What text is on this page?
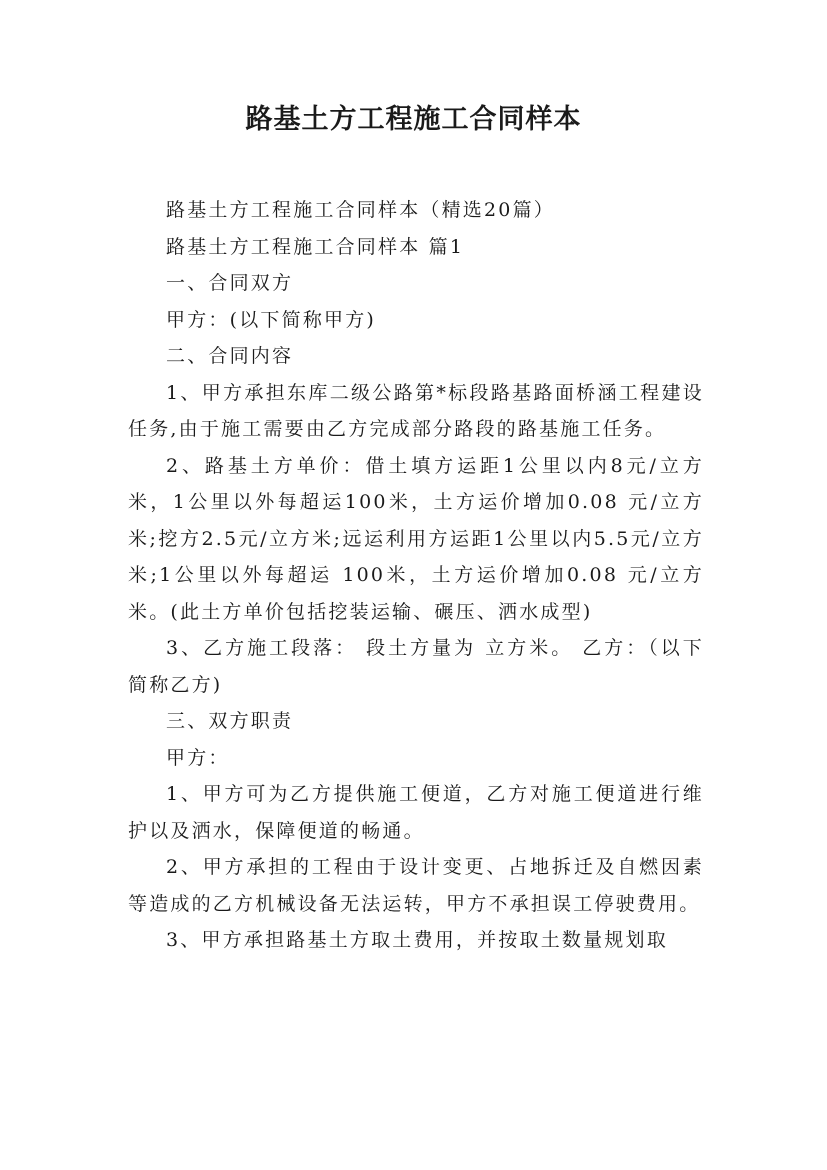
路基土方工程施工合同样本

路基土方工程施工合同样本（精选20篇）

路基土方工程施工合同样本 篇1

一、合同双方

甲方：(以下简称甲方)

二、合同内容

1、甲方承担东库二级公路第*标段路基路面桥涵工程建设任务,由于施工需要由乙方完成部分路段的路基施工任务。

2、路基土方单价：借土填方运距1公里以内8元/立方米，1公里以外每超运100米，土方运价增加0.08 元/立方米;挖方2.5元/立方米;远运利用方运距1公里以内5.5元/立方米;1公里以外每超运 100米，土方运价增加0.08 元/立方米。(此土方单价包括挖装运输、碾压、洒水成型)

3、乙方施工段落： 段土方量为 立方米。 乙方：（以下简称乙方)

三、双方职责

甲方：

1、甲方可为乙方提供施工便道，乙方对施工便道进行维护以及洒水，保障便道的畅通。

2、甲方承担的工程由于设计变更、占地拆迁及自燃因素等造成的乙方机械设备无法运转，甲方不承担误工停驶费用。

3、甲方承担路基土方取土费用，并按取土数量规划取
